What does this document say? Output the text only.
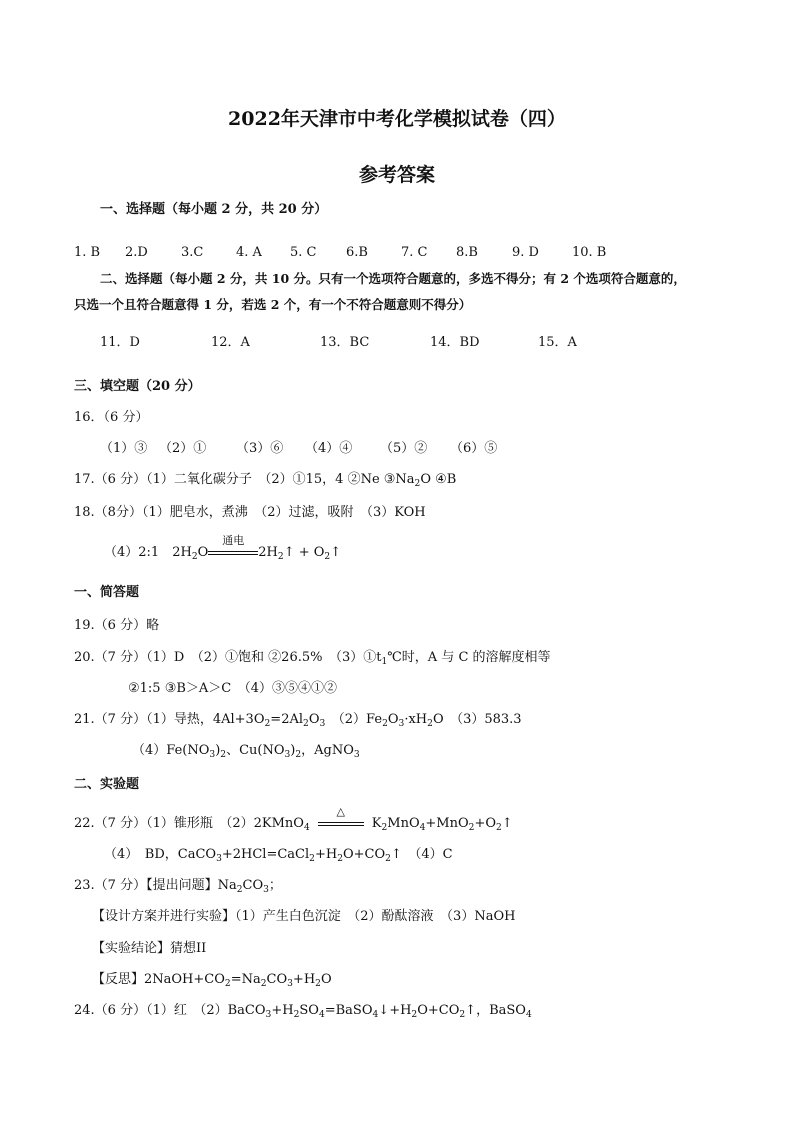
2022年天津市中考化学模拟试卷（四）
参考答案
一、选择题（每小题 2 分，共 20 分）
1. B 2.D	3.C	4. A 5. C 6.B	7. C 8.B	9. D	10. B
二、选择题（每小题 2 分，共 10 分。只有一个选项符合题意的，多选不得分；有 2 个选项符合题意的，
只选一个且符合题意得 1 分，若选 2 个，有一个不符合题意则不得分）
11．D	12．A	13．BC	14．BD	15．A
三、填空题（20 分）
16．（6 分）
（1）③ （2）① （3）⑥ （4）④ （5）② （6）⑤
17.（6 分）（1）二氧化碳分子　（2）①15，4 ②Ne $③Na_2O$ ④B
18.（8分）（1）肥皂水，煮沸　（2）过滤，吸附　（3）KOH
（4）2:1　$2H_2O$
通电
$2H_2↑$ + $O_2↑$
一、简答题
19.（6 分）略
20.（7 分）（1）D　（2）①饱和 ②26.5%　$(3)①t_1℃$时，A 与 C 的溶解度相等
②1:5 ③B＞A＞C　（4）③⑤④①②
21.（7 分）（1）导热，$4Al+3O_2=2Al_2O_3$　$(2)Fe_2O_3\cdot xH_2O$　（3）583.3
$(4)Fe(NO_3)_2$、$Cu(NO_3)_2$，AgNO$_3$
二、实验题
22.（7 分）（1）锥形瓶　（2）2KMnO$_4$
△
$K_2MnO_4+MnO_2+O_2↑$
（4）　BD，$CaCO_3+2HCl=CaCl_2+H_2O+CO_2↑$　（4）C
23.（7 分）【提出问题】$Na_2CO_3$；
【设计方案并进行实验】（1）产生白色沉淀　（2）酚酞溶液　（3）NaOH
【实验结论】猜想II
【反思】$2NaOH+CO_2=Na_2CO_3+H_2O$
24.（6 分）（1）红　$(2)BaCO_3+H_2SO_4=BaSO_4↓+H_2O+CO_2↑$，BaSO$_4$
